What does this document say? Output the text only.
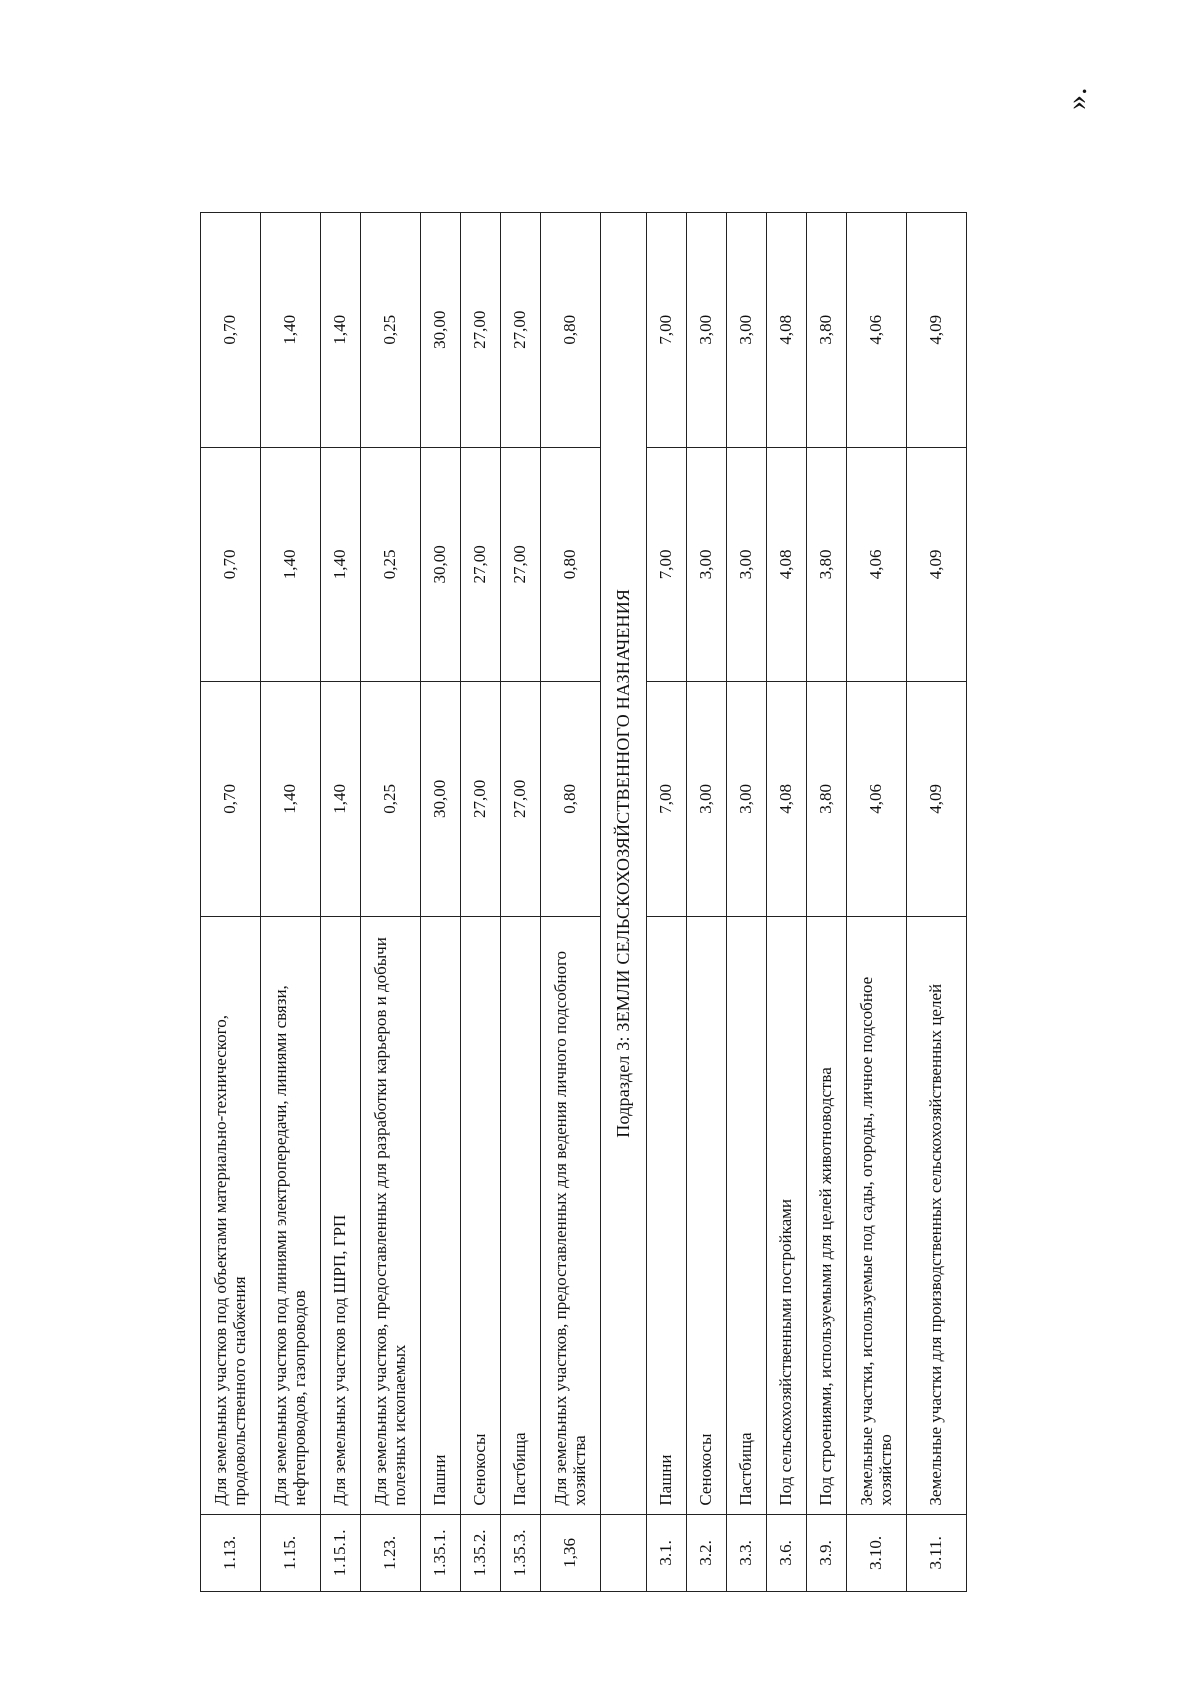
1.13.	Для земельных участков под объектами материально-технического, продовольственного снабжения	0,70	0,70	0,70
1.15.	Для земельных участков под линиями электропередачи, линиями связи, нефтепроводов, газопроводов	1,40	1,40	1,40
1.15.1.	Для земельных участков под ШРП, ГРП	1,40	1,40	1,40
1.23.	Для земельных участков, предоставленных для разработки карьеров и добычи полезных ископаемых	0,25	0,25	0,25
1.35.1.	Пашни	30,00	30,00	30,00
1.35.2.	Сенокосы	27,00	27,00	27,00
1.35.3.	Пастбища	27,00	27,00	27,00
1,36	Для земельных участков, предоставленных для ведения личного подсобного хозяйства	0,80	0,80	0,80
	Подраздел 3: ЗЕМЛИ СЕЛЬСКОХОЗЯЙСТВЕННОГО НАЗНАЧЕНИЯ			
3.1.	Пашни	7,00	7,00	7,00
3.2.	Сенокосы	3,00	3,00	3,00
3.3.	Пастбища	3,00	3,00	3,00
3.6.	Под сельскохозяйственными постройками	4,08	4,08	4,08
3.9.	Под строениями, используемыми для целей животноводства	3,80	3,80	3,80
3.10.	Земельные участки, используемые под сады, огороды, личное подсобное хозяйство	4,06	4,06	4,06
3.11.	Земельные участки для производственных сельскохозяйственных целей	4,09	4,09	4,09
».
